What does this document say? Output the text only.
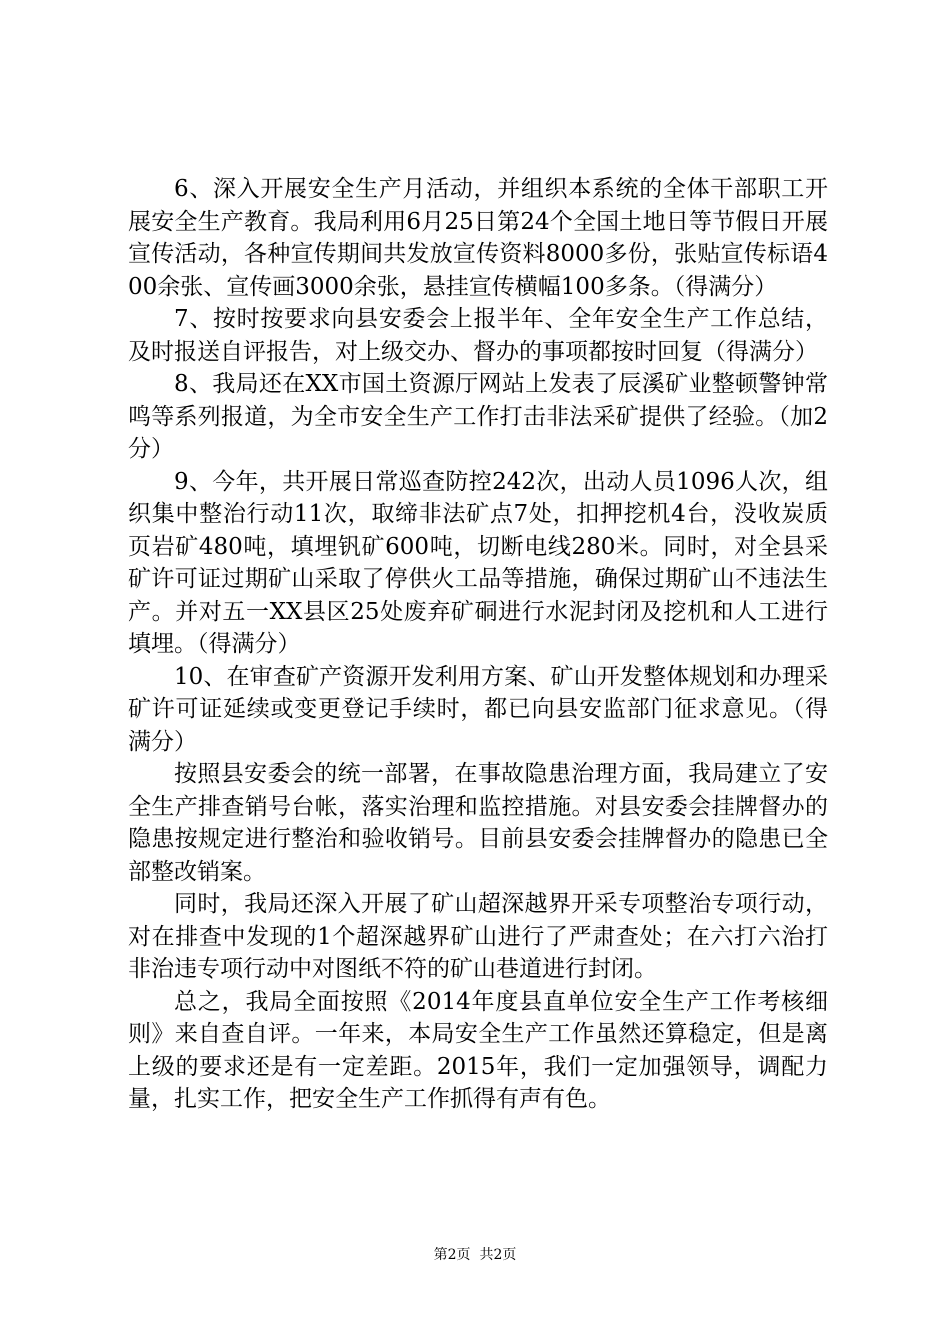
6、深入开展安全生产月活动，并组织本系统的全体干部职工开展安全生产教育。我局利用6月25日第24个全国土地日等节假日开展宣传活动，各种宣传期间共发放宣传资料8000多份，张贴宣传标语400余张、宣传画3000余张，悬挂宣传横幅100多条。（得满分）

7、按时按要求向县安委会上报半年、全年安全生产工作总结，及时报送自评报告，对上级交办、督办的事项都按时回复（得满分）

8、我局还在XX市国土资源厅网站上发表了辰溪矿业整顿警钟常鸣等系列报道，为全市安全生产工作打击非法采矿提供了经验。（加2分）

9、今年，共开展日常巡查防控242次，出动人员1096人次，组织集中整治行动11次，取缔非法矿点7处，扣押挖机4台，没收炭质页岩矿480吨，填埋钒矿600吨，切断电线280米。同时，对全县采矿许可证过期矿山采取了停供火工品等措施，确保过期矿山不违法生产。并对五一XX县区25处废弃矿硐进行水泥封闭及挖机和人工进行填埋。（得满分）

10、在审查矿产资源开发利用方案、矿山开发整体规划和办理采矿许可证延续或变更登记手续时，都已向县安监部门征求意见。（得满分）

按照县安委会的统一部署，在事故隐患治理方面，我局建立了安全生产排查销号台帐，落实治理和监控措施。对县安委会挂牌督办的隐患按规定进行整治和验收销号。目前县安委会挂牌督办的隐患已全部整改销案。

同时，我局还深入开展了矿山超深越界开采专项整治专项行动，对在排查中发现的1个超深越界矿山进行了严肃查处；在六打六治打非治违专项行动中对图纸不符的矿山巷道进行封闭。

总之，我局全面按照《2014年度县直单位安全生产工作考核细则》来自查自评。一年来，本局安全生产工作虽然还算稳定，但是离上级的要求还是有一定差距。2015年，我们一定加强领导，调配力量，扎实工作，把安全生产工作抓得有声有色。

第2页  共2页
